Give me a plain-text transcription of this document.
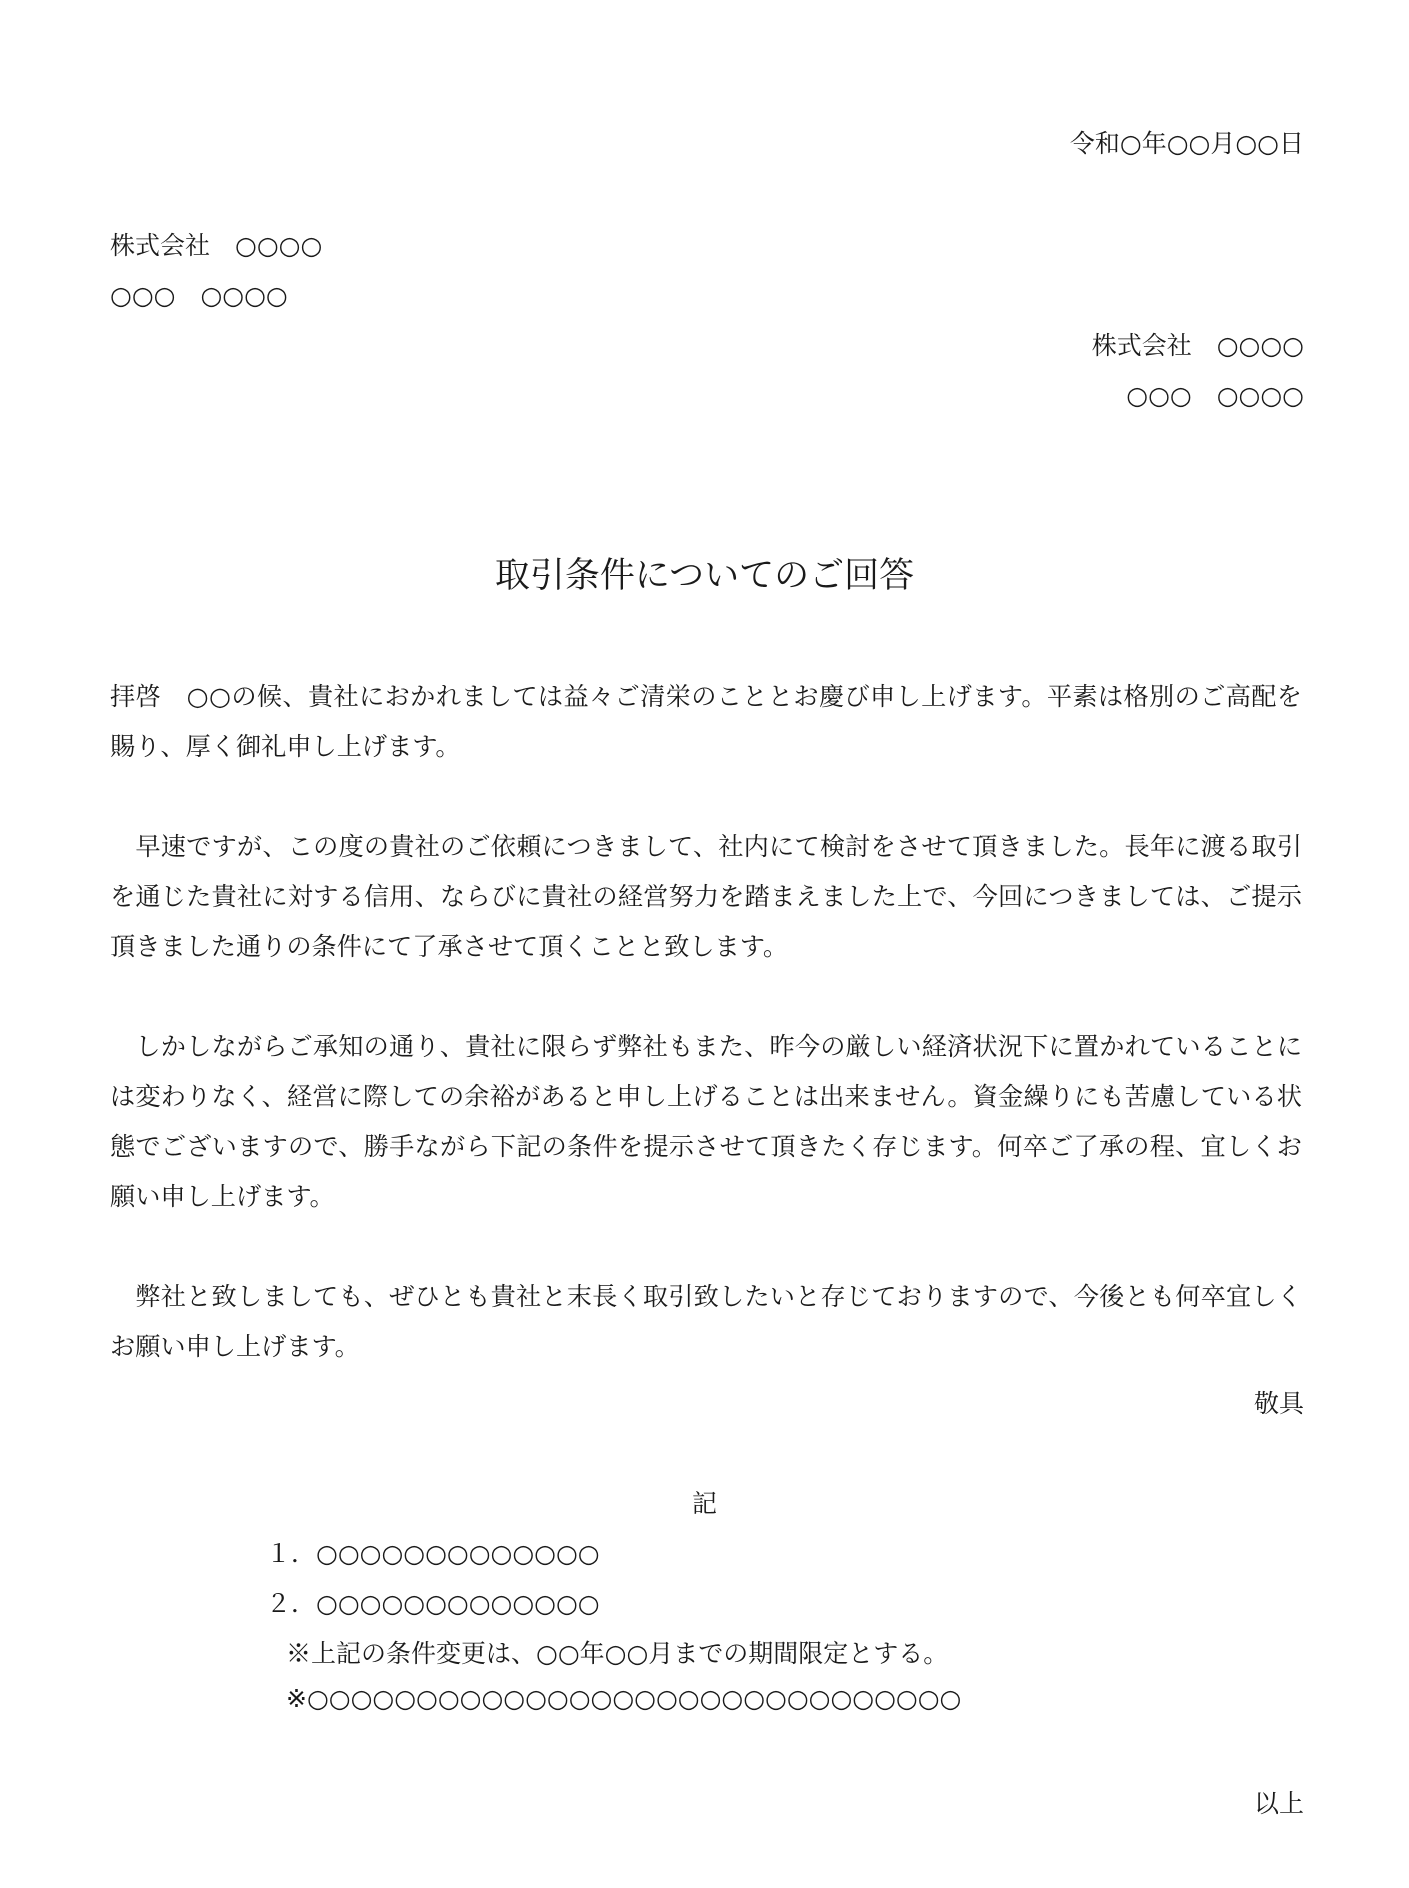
令和○年○○月○○日
株式会社　○○○○
○○○　○○○○
株式会社　○○○○
○○○　○○○○
取引条件についてのご回答

拝啓　○○の候、貴社におかれましては益々ご清栄のこととお慶び申し上げます。平素は格別のご高配を賜り、厚く御礼申し上げます。

　早速ですが、この度の貴社のご依頼につきまして、社内にて検討をさせて頂きました。長年に渡る取引を通じた貴社に対する信用、ならびに貴社の経営努力を踏まえました上で、今回につきましては、ご提示頂きました通りの条件にて了承させて頂くことと致します。

　しかしながらご承知の通り、貴社に限らず弊社もまた、昨今の厳しい経済状況下に置かれていることには変わりなく、経営に際しての余裕があると申し上げることは出来ません。資金繰りにも苦慮している状態でございますので、勝手ながら下記の条件を提示させて頂きたく存じます。何卒ご了承の程、宜しくお願い申し上げます。

　弊社と致しましても、ぜひとも貴社と末長く取引致したいと存じておりますので、今後とも何卒宜しくお願い申し上げます。

敬具
記
１．○○○○○○○○○○○○○
２．○○○○○○○○○○○○○
※上記の条件変更は、○○年○○月までの期間限定とする。
※○○○○○○○○○○○○○○○○○○○○○○○○○○○○○○
以上
